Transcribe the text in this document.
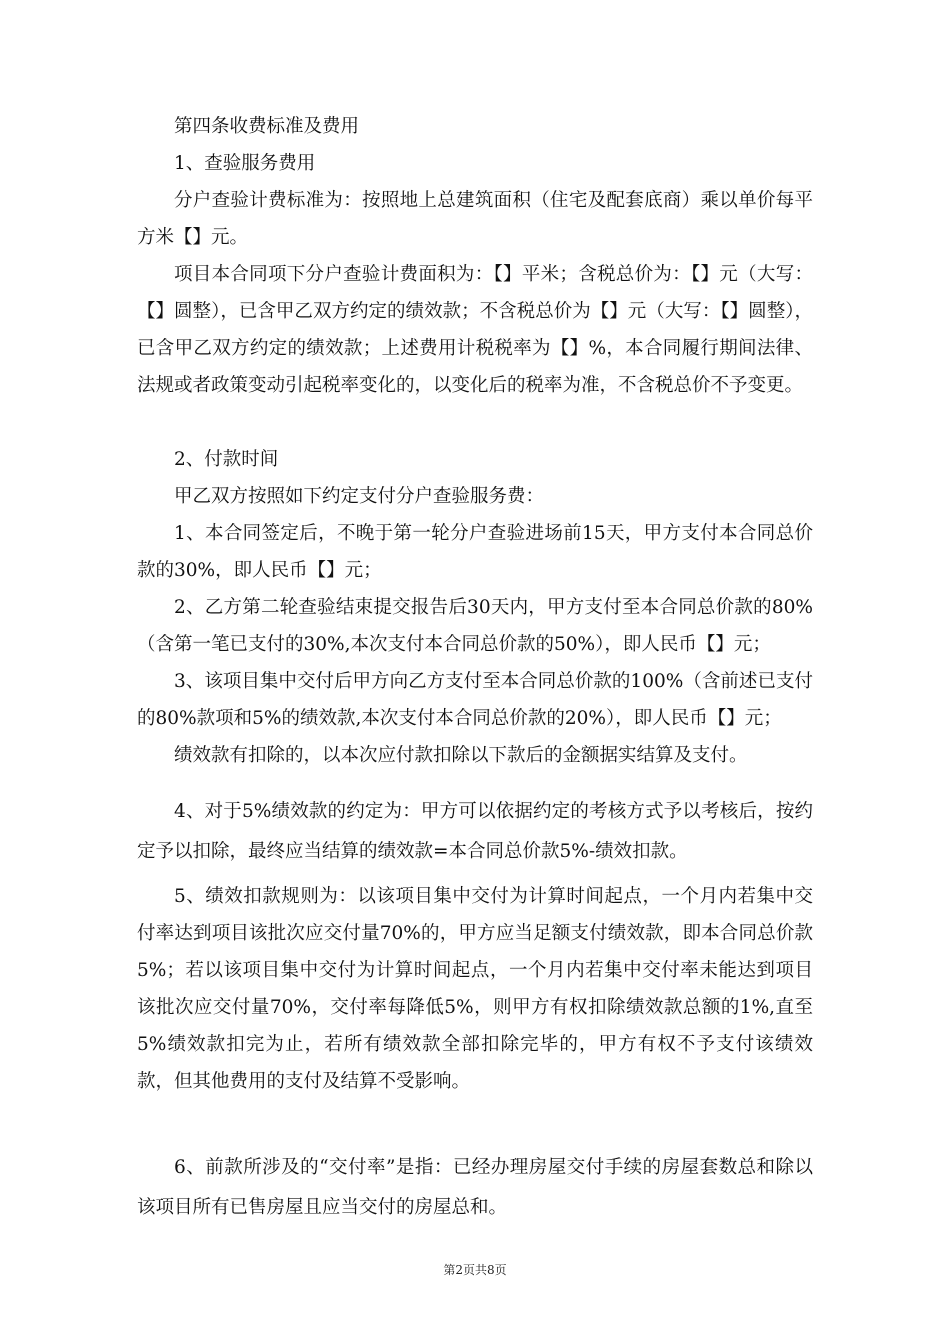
第四条收费标准及费用

1、查验服务费用

分户查验计费标准为：按照地上总建筑面积（住宅及配套底商）乘以单价每平方米【】元。

项目本合同项下分户查验计费面积为：【】平米；含税总价为：【】元（大写：【】圆整），已含甲乙双方约定的绩效款；不含税总价为【】元（大写：【】圆整），已含甲乙双方约定的绩效款；上述费用计税税率为【】%，本合同履行期间法律、法规或者政策变动引起税率变化的，以变化后的税率为准，不含税总价不予变更。

2、付款时间

甲乙双方按照如下约定支付分户查验服务费：

1、本合同签定后，不晚于第一轮分户查验进场前15天，甲方支付本合同总价款的30%，即人民币【】元；

2、乙方第二轮查验结束提交报告后30天内，甲方支付至本合同总价款的80%（含第一笔已支付的30%,本次支付本合同总价款的50%），即人民币【】元；

3、该项目集中交付后甲方向乙方支付至本合同总价款的100%（含前述已支付的80%款项和5%的绩效款,本次支付本合同总价款的20%），即人民币【】元；

绩效款有扣除的，以本次应付款扣除以下款后的金额据实结算及支付。

4、对于5%绩效款的约定为：甲方可以依据约定的考核方式予以考核后，按约定予以扣除，最终应当结算的绩效款=本合同总价款5%-绩效扣款。

5、绩效扣款规则为：以该项目集中交付为计算时间起点，一个月内若集中交付率达到项目该批次应交付量70%的，甲方应当足额支付绩效款，即本合同总价款5%；若以该项目集中交付为计算时间起点，一个月内若集中交付率未能达到项目该批次应交付量70%，交付率每降低5%，则甲方有权扣除绩效款总额的1%,直至5%绩效款扣完为止，若所有绩效款全部扣除完毕的，甲方有权不予支付该绩效款，但其他费用的支付及结算不受影响。

6、前款所涉及的“交付率”是指：已经办理房屋交付手续的房屋套数总和除以该项目所有已售房屋且应当交付的房屋总和。

第2页共8页
